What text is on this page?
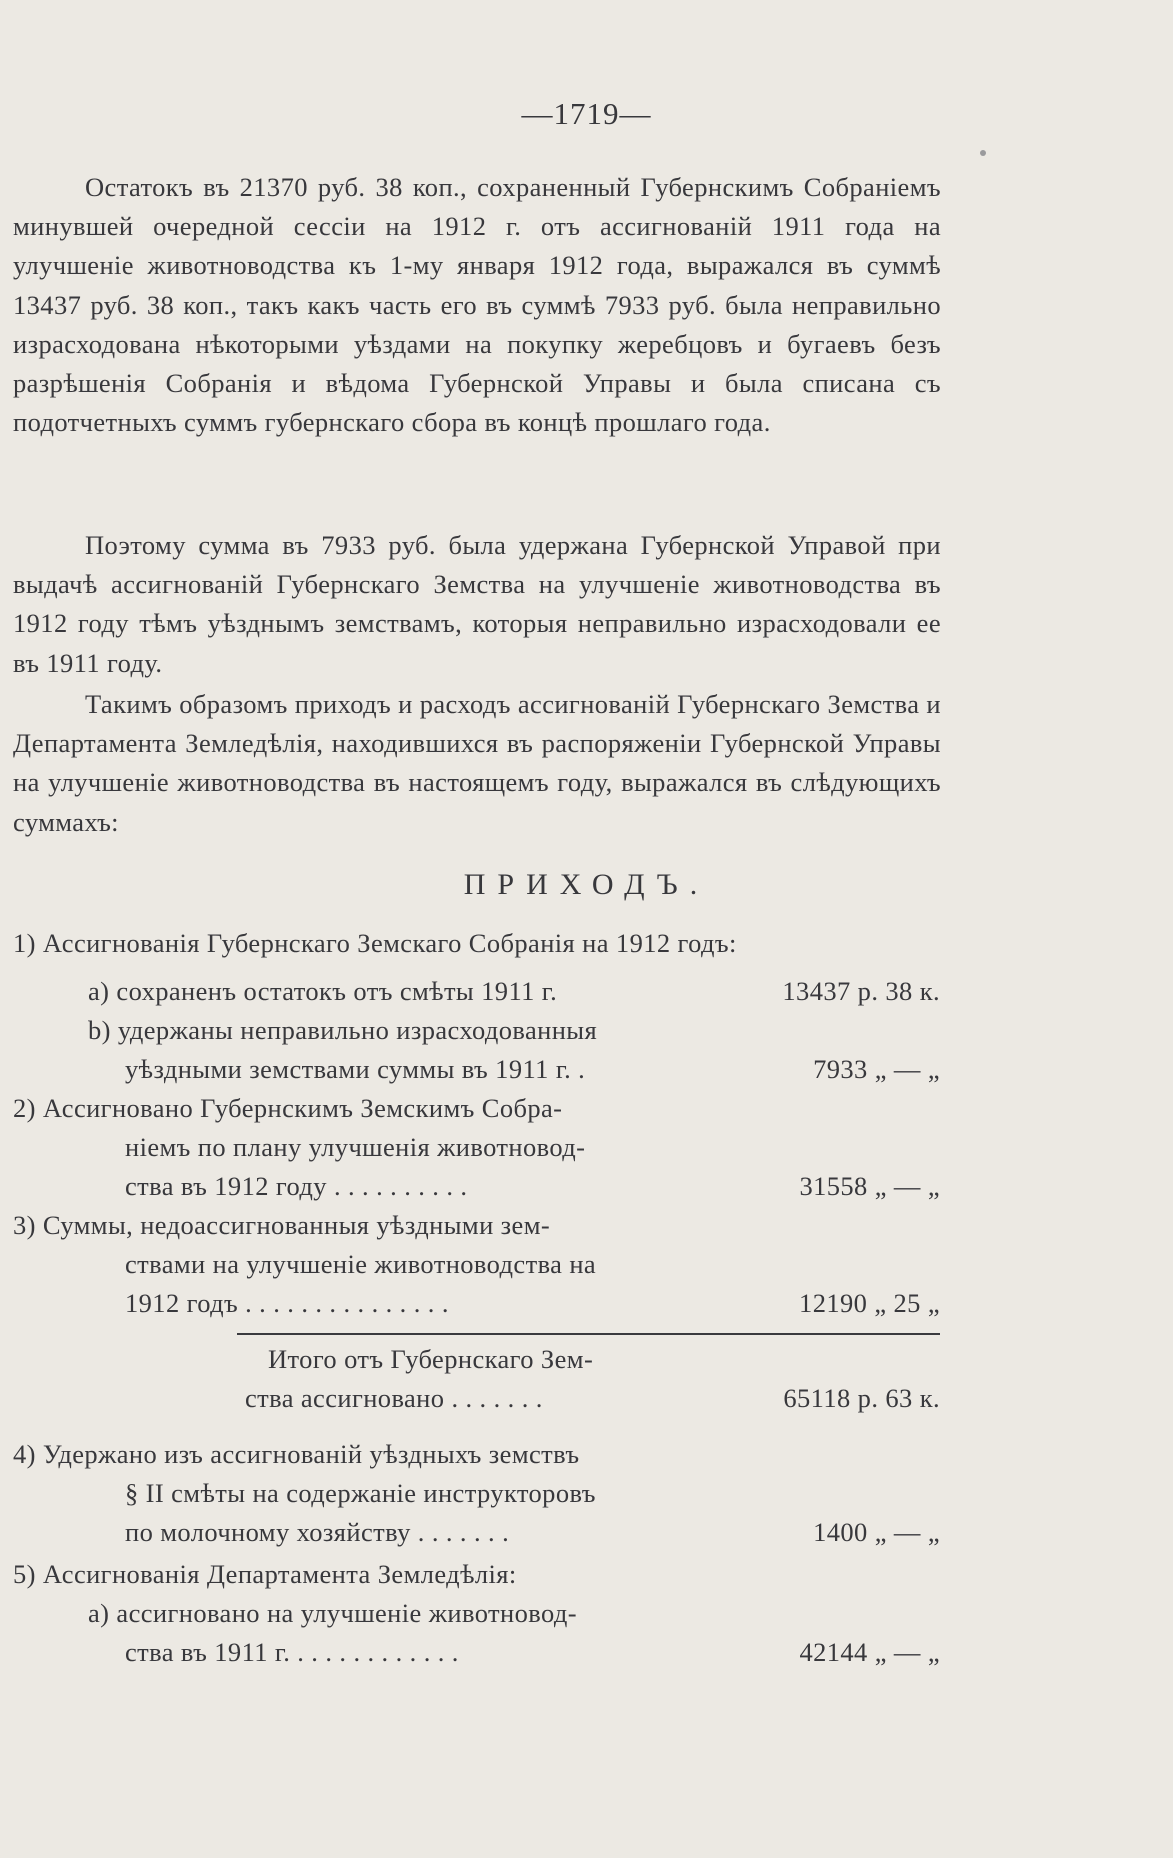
—1719—

Остатокъ въ 21370 руб. 38 коп., сохраненный Губернскимъ Собраніемъ минувшей очередной сессіи на 1912 г. отъ ассигнованій 1911 года на улучшеніе животноводства къ 1-му января 1912 года, выражался въ суммѣ 13437 руб. 38 коп., такъ какъ часть его въ суммѣ 7933 руб. была неправильно израсходована нѣкоторыми уѣздами на покупку жеребцовъ и бугаевъ безъ разрѣшенія Собранія и вѣдома Губернской Управы и была списана съ подотчетныхъ суммъ губернскаго сбора въ концѣ прошлаго года.

Поэтому сумма въ 7933 руб. была удержана Губернской Управой при выдачѣ ассигнованій Губернскаго Земства на улучшеніе животноводства въ 1912 году тѣмъ уѣзднымъ земствамъ, которыя неправильно израсходовали ее въ 1911 году.

Такимъ образомъ приходъ и расходъ ассигнованій Губернскаго Земства и Департамента Земледѣлія, находившихся въ распоряженіи Губернской Управы на улучшеніе животноводства въ настоящемъ году, выражался въ слѣдующихъ суммахъ:

ПРИХОДЪ.
1) Ассигнованія Губернскаго Земскаго Собранія на 1912 годъ:
a) сохраненъ остатокъ отъ смѣты 1911 г.	13437 р. 38 к.
b) удержаны неправильно израсходованныя
уѣздными земствами суммы въ 1911 г. .	7933 „ — „
2) Ассигновано Губернскимъ Земскимъ Собра-
ніемъ по плану улучшенія животновод-
ства въ 1912 году . . . . . . . . . .	31558 „ — „
3) Суммы, недоассигнованныя уѣздными зем-
ствами на улучшеніе животноводства на
1912 годъ . . . . . . . . . . . . . . .	12190 „ 25 „
Итого отъ Губернскаго Зем-
ства ассигновано . . . . . . .	65118 р. 63 к.
4) Удержано изъ ассигнованій уѣздныхъ земствъ
§ II смѣты на содержаніе инструкторовъ
по молочному хозяйству . . . . . . .	1400 „ — „
5) Ассигнованія Департамента Земледѣлія:
a) ассигновано на улучшеніе животновод-
ства въ 1911 г. . . . . . . . . . . . .	42144 „ — „
